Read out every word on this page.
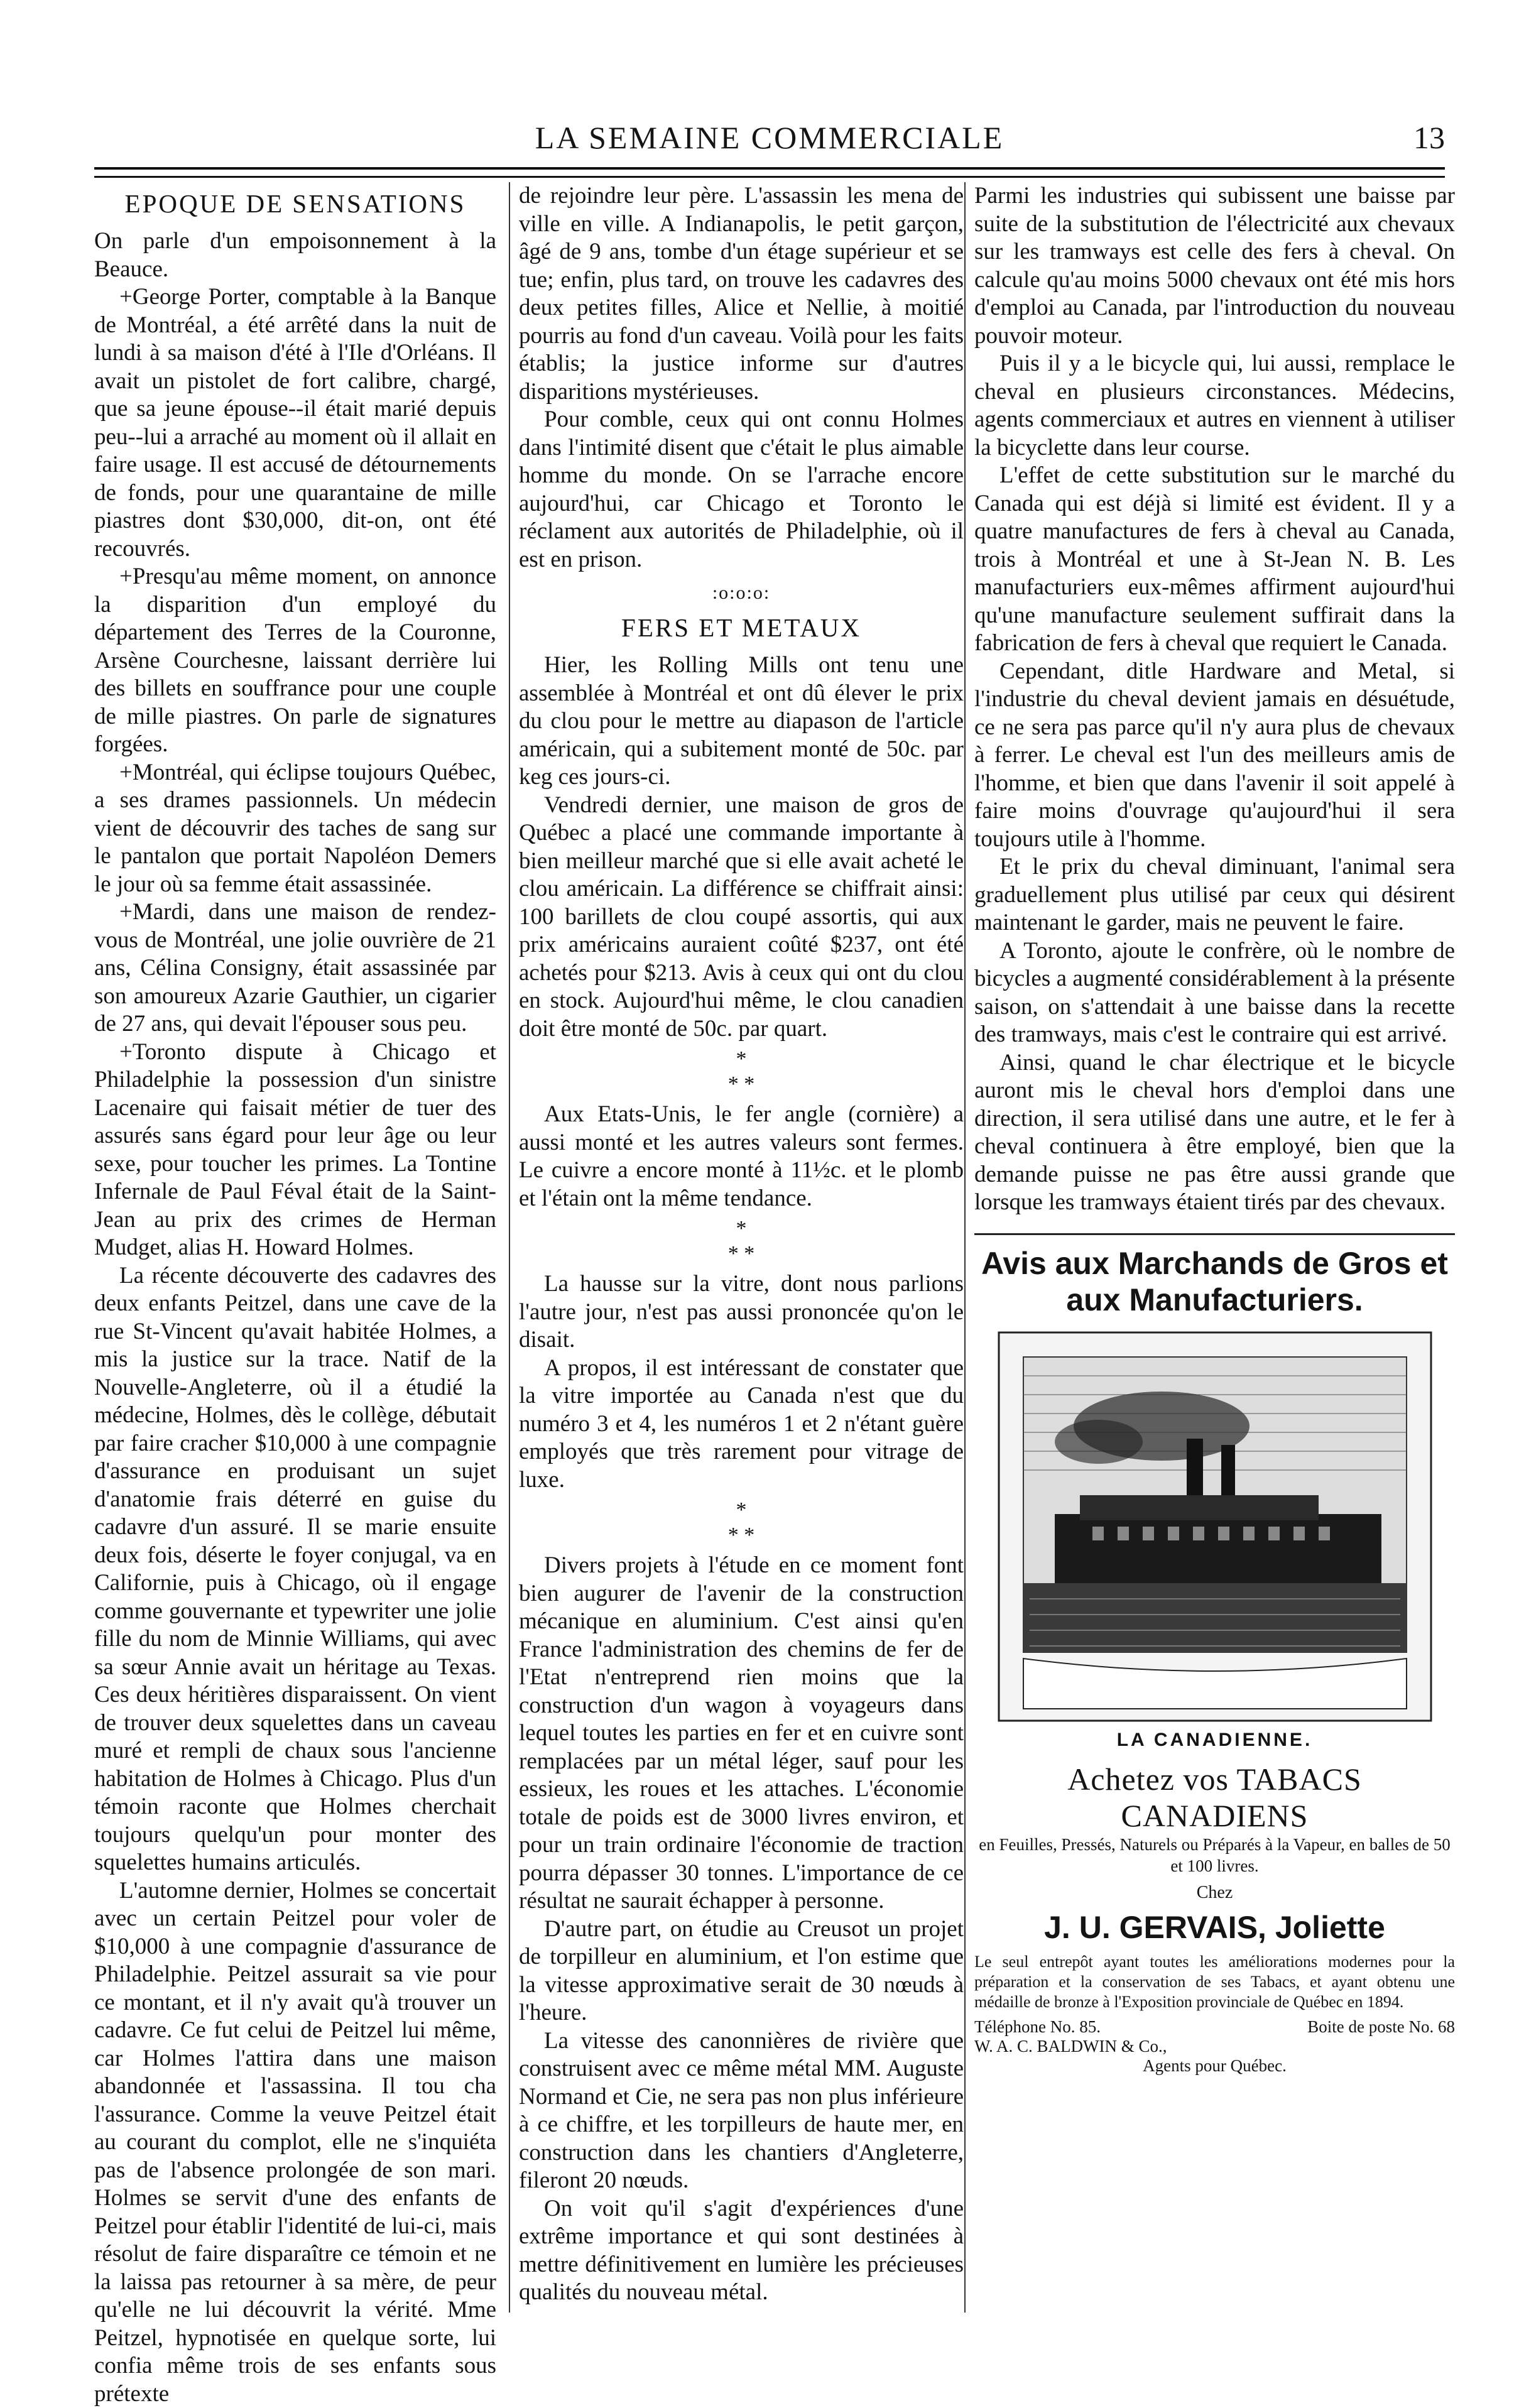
LA SEMAINE COMMERCIALE	13
EPOQUE DE SENSATIONS

On parle d'un empoisonnement à la Beauce.

+George Porter, comptable à la Banque de Montréal, a été arrêté dans la nuit de lundi à sa maison d'été à l'Ile d'Orléans. Il avait un pistolet de fort calibre, chargé, que sa jeune épouse--il était marié depuis peu--lui a arraché au moment où il allait en faire usage. Il est accusé de détournements de fonds, pour une quarantaine de mille piastres dont $30,000, dit-on, ont été recouvrés.

+Presqu'au même moment, on annonce la disparition d'un employé du département des Terres de la Couronne, Arsène Courchesne, laissant derrière lui des billets en souffrance pour une couple de mille piastres. On parle de signatures forgées.

+Montréal, qui éclipse toujours Québec, a ses drames passionnels. Un médecin vient de découvrir des taches de sang sur le pantalon que portait Napoléon Demers le jour où sa femme était assassinée.

+Mardi, dans une maison de rendez-vous de Montréal, une jolie ouvrière de 21 ans, Célina Consigny, était assassinée par son amoureux Azarie Gauthier, un cigarier de 27 ans, qui devait l'épouser sous peu.

+Toronto dispute à Chicago et Philadelphie la possession d'un sinistre Lacenaire qui faisait métier de tuer des assurés sans égard pour leur âge ou leur sexe, pour toucher les primes. La Tontine Infernale de Paul Féval était de la Saint-Jean au prix des crimes de Herman Mudget, alias H. Howard Holmes.

La récente découverte des cadavres des deux enfants Peitzel, dans une cave de la rue St-Vincent qu'avait habitée Holmes, a mis la justice sur la trace. Natif de la Nouvelle-Angleterre, où il a étudié la médecine, Holmes, dès le collège, débutait par faire cracher $10,000 à une compagnie d'assurance en produisant un sujet d'anatomie frais déterré en guise du cadavre d'un assuré. Il se marie ensuite deux fois, déserte le foyer conjugal, va en Californie, puis à Chicago, où il engage comme gouvernante et typewriter une jolie fille du nom de Minnie Williams, qui avec sa sœur Annie avait un héritage au Texas. Ces deux héritières disparaissent. On vient de trouver deux squelettes dans un caveau muré et rempli de chaux sous l'ancienne habitation de Holmes à Chicago. Plus d'un témoin raconte que Holmes cherchait toujours quelqu'un pour monter des squelettes humains articulés.

L'automne dernier, Holmes se concertait avec un certain Peitzel pour voler de $10,000 à une compagnie d'assurance de Philadelphie. Peitzel assurait sa vie pour ce montant, et il n'y avait qu'à trouver un cadavre. Ce fut celui de Peitzel lui même, car Holmes l'attira dans une maison abandonnée et l'assassina. Il tou cha l'assurance. Comme la veuve Peitzel était au courant du complot, elle ne s'inquiéta pas de l'absence prolongée de son mari. Holmes se servit d'une des enfants de Peitzel pour établir l'identité de lui-ci, mais résolut de faire disparaître ce témoin et ne la laissa pas retourner à sa mère, de peur qu'elle ne lui découvrit la vérité. Mme Peitzel, hypnotisée en quelque sorte, lui confia même trois de ses enfants sous prétexte

de rejoindre leur père. L'assassin les mena de ville en ville. A Indianapolis, le petit garçon, âgé de 9 ans, tombe d'un étage supérieur et se tue; enfin, plus tard, on trouve les cadavres des deux petites filles, Alice et Nellie, à moitié pourris au fond d'un caveau. Voilà pour les faits établis; la justice informe sur d'autres disparitions mystérieuses.

Pour comble, ceux qui ont connu Holmes dans l'intimité disent que c'était le plus aimable homme du monde. On se l'arrache encore aujourd'hui, car Chicago et Toronto le réclament aux autorités de Philadelphie, où il est en prison.

:o:o:o:
FERS ET METAUX

Hier, les Rolling Mills ont tenu une assemblée à Montréal et ont dû élever le prix du clou pour le mettre au diapason de l'article américain, qui a subitement monté de 50c. par keg ces jours-ci.

Vendredi dernier, une maison de gros de Québec a placé une commande importante à bien meilleur marché que si elle avait acheté le clou américain. La différence se chiffrait ainsi: 100 barillets de clou coupé assortis, qui aux prix américains auraient coûté $237, ont été achetés pour $213. Avis à ceux qui ont du clou en stock. Aujourd'hui même, le clou canadien doit être monté de 50c. par quart.

*
* *

Aux Etats-Unis, le fer angle (cornière) a aussi monté et les autres valeurs sont fermes. Le cuivre a encore monté à 11½c. et le plomb et l'étain ont la même tendance.

*
* *

La hausse sur la vitre, dont nous parlions l'autre jour, n'est pas aussi prononcée qu'on le disait.

A propos, il est intéressant de constater que la vitre importée au Canada n'est que du numéro 3 et 4, les numéros 1 et 2 n'étant guère employés que très rarement pour vitrage de luxe.

*
* *

Divers projets à l'étude en ce moment font bien augurer de l'avenir de la construction mécanique en aluminium. C'est ainsi qu'en France l'administration des chemins de fer de l'Etat n'entreprend rien moins que la construction d'un wagon à voyageurs dans lequel toutes les parties en fer et en cuivre sont remplacées par un métal léger, sauf pour les essieux, les roues et les attaches. L'économie totale de poids est de 3000 livres environ, et pour un train ordinaire l'économie de traction pourra dépasser 30 tonnes. L'importance de ce résultat ne saurait échapper à personne.

D'autre part, on étudie au Creusot un projet de torpilleur en aluminium, et l'on estime que la vitesse approximative serait de 30 nœuds à l'heure.

La vitesse des canonnières de rivière que construisent avec ce même métal MM. Auguste Normand et Cie, ne sera pas non plus inférieure à ce chiffre, et les torpilleurs de haute mer, en construction dans les chantiers d'Angleterre, fileront 20 nœuds.

On voit qu'il s'agit d'expériences d'une extrême importance et qui sont destinées à mettre définitivement en lumière les précieuses qualités du nouveau métal.

Parmi les industries qui subissent une baisse par suite de la substitution de l'électricité aux chevaux sur les tramways est celle des fers à cheval. On calcule qu'au moins 5000 chevaux ont été mis hors d'emploi au Canada, par l'introduction du nouveau pouvoir moteur.

Puis il y a le bicycle qui, lui aussi, remplace le cheval en plusieurs circonstances. Médecins, agents commerciaux et autres en viennent à utiliser la bicyclette dans leur course.

L'effet de cette substitution sur le marché du Canada qui est déjà si limité est évident. Il y a quatre manufactures de fers à cheval au Canada, trois à Montréal et une à St-Jean N. B. Les manufacturiers eux-mêmes affirment aujourd'hui qu'une manufacture seulement suffirait dans la fabrication de fers à cheval que requiert le Canada.

Cependant, ditle Hardware and Metal, si l'industrie du cheval devient jamais en désuétude, ce ne sera pas parce qu'il n'y aura plus de chevaux à ferrer. Le cheval est l'un des meilleurs amis de l'homme, et bien que dans l'avenir il soit appelé à faire moins d'ouvrage qu'aujourd'hui il sera toujours utile à l'homme.

Et le prix du cheval diminuant, l'animal sera graduellement plus utilisé par ceux qui désirent maintenant le garder, mais ne peuvent le faire.

A Toronto, ajoute le confrère, où le nombre de bicycles a augmenté considérablement à la présente saison, on s'attendait à une baisse dans la recette des tramways, mais c'est le contraire qui est arrivé.

Ainsi, quand le char électrique et le bicycle auront mis le cheval hors d'emploi dans une direction, il sera utilisé dans une autre, et le fer à cheval continuera à être employé, bien que la demande puisse ne pas être aussi grande que lorsque les tramways étaient tirés par des chevaux.

Avis aux Marchands de Gros et aux Manufacturiers.
LA CANADIENNE.
Achetez vos TABACS CANADIENS
en Feuilles, Pressés, Naturels ou Préparés à la Vapeur, en balles de 50 et 100 livres.
Chez
J. U. GERVAIS, Joliette
Le seul entrepôt ayant toutes les améliorations modernes pour la préparation et la conservation de ses Tabacs, et ayant obtenu une médaille de bronze à l'Exposition provinciale de Québec en 1894.
Téléphone No. 85.	Boite de poste No. 68
W. A. C. BALDWIN & Co.,
Agents pour Québec.
